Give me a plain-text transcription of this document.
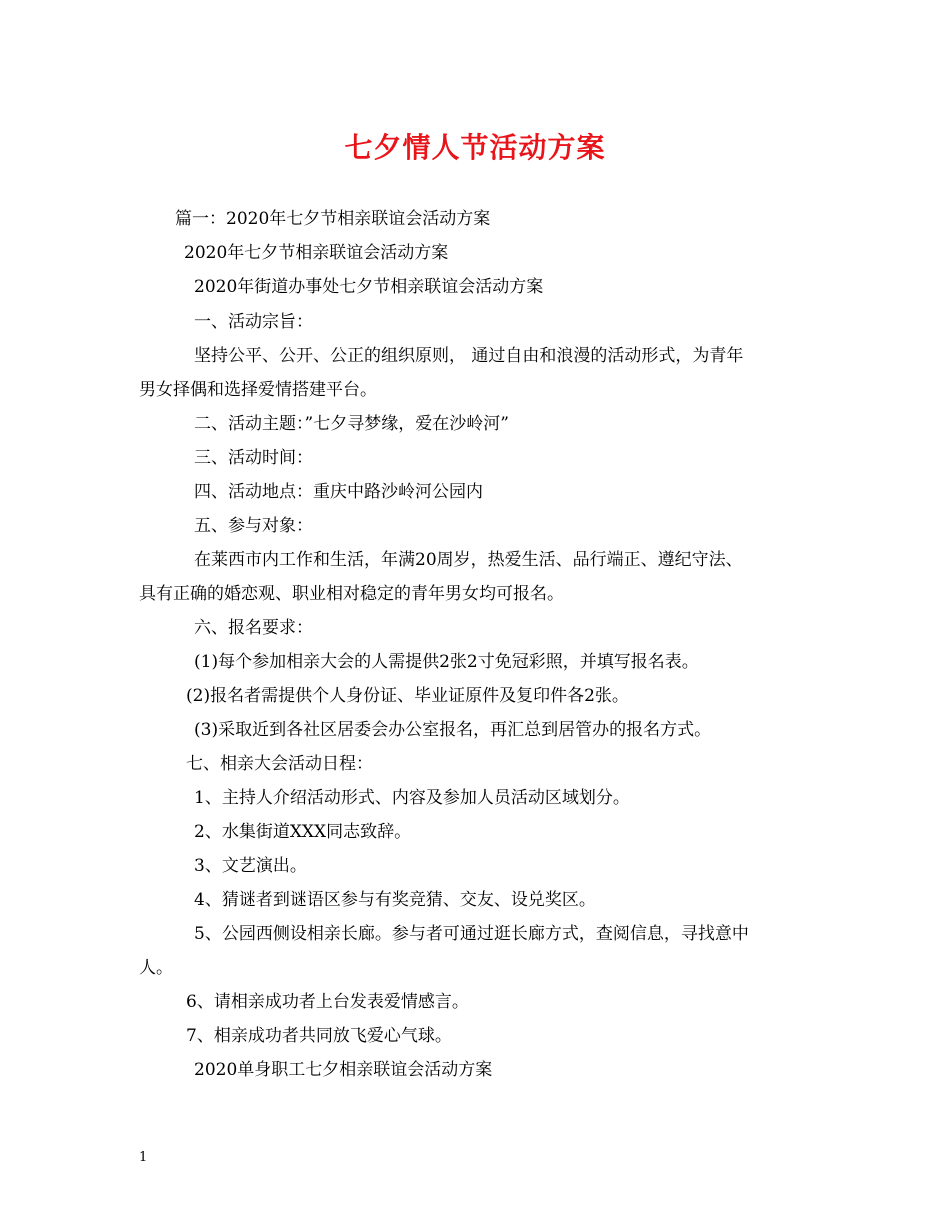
七夕情人节活动方案
篇一：2020年七夕节相亲联谊会活动方案
2020年七夕节相亲联谊会活动方案
2020年街道办事处七夕节相亲联谊会活动方案
一、活动宗旨：
坚持公平、公开、公正的组织原则， 通过自由和浪漫的活动形式，为青年
男女择偶和选择爱情搭建平台。
二、活动主题：”七夕寻梦缘，爱在沙岭河”
三、活动时间：
四、活动地点：重庆中路沙岭河公园内
五、参与对象：
在莱西市内工作和生活，年满20周岁，热爱生活、品行端正、遵纪守法、
具有正确的婚恋观、职业相对稳定的青年男女均可报名。
六、报名要求：
(1)每个参加相亲大会的人需提供2张2寸免冠彩照，并填写报名表。
(2)报名者需提供个人身份证、毕业证原件及复印件各2张。
(3)采取近到各社区居委会办公室报名，再汇总到居管办的报名方式。
七、相亲大会活动日程：
1、主持人介绍活动形式、内容及参加人员活动区域划分。
2、水集街道XXX同志致辞。
3、文艺演出。
4、猜谜者到谜语区参与有奖竞猜、交友、设兑奖区。
5、公园西侧设相亲长廊。参与者可通过逛长廊方式，查阅信息，寻找意中
人。
6、请相亲成功者上台发表爱情感言。
7、相亲成功者共同放飞爱心气球。
2020单身职工七夕相亲联谊会活动方案
1
